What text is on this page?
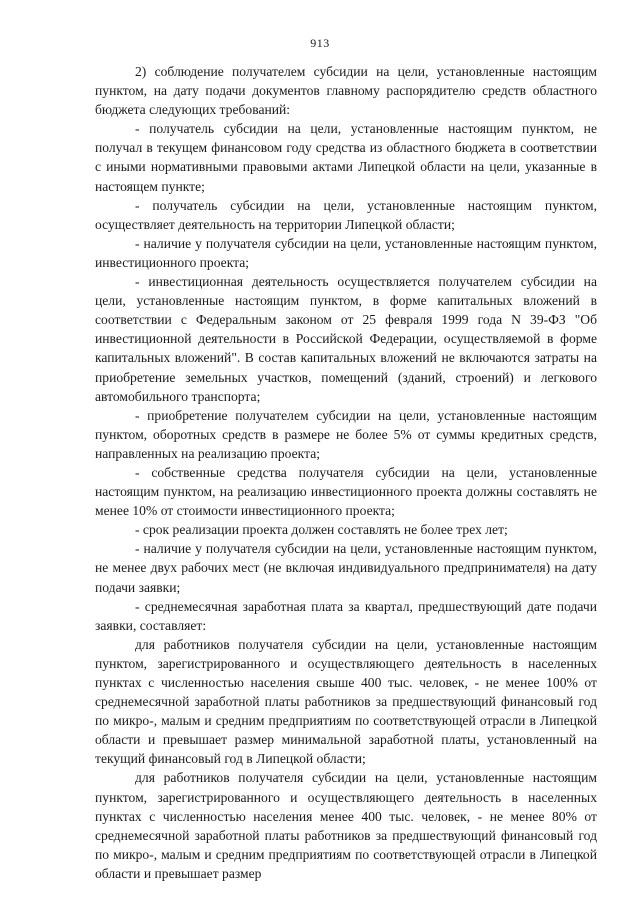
913

2) соблюдение получателем субсидии на цели, установленные настоящим пунктом, на дату подачи документов главному распорядителю средств областного бюджета следующих требований:

- получатель субсидии на цели, установленные настоящим пунктом, не получал в текущем финансовом году средства из областного бюджета в соответствии с иными нормативными правовыми актами Липецкой области на цели, указанные в настоящем пункте;

- получатель субсидии на цели, установленные настоящим пунктом, осуществляет деятельность на территории Липецкой области;

- наличие у получателя субсидии на цели, установленные настоящим пунктом, инвестиционного проекта;

- инвестиционная деятельность осуществляется получателем субсидии на цели, установленные настоящим пунктом, в форме капитальных вложений в соответствии с Федеральным законом от 25 февраля 1999 года N 39-ФЗ "Об инвестиционной деятельности в Российской Федерации, осуществляемой в форме капитальных вложений". В состав капитальных вложений не включаются затраты на приобретение земельных участков, помещений (зданий, строений) и легкового автомобильного транспорта;

- приобретение получателем субсидии на цели, установленные настоящим пунктом, оборотных средств в размере не более 5% от суммы кредитных средств, направленных на реализацию проекта;

- собственные средства получателя субсидии на цели, установленные настоящим пунктом, на реализацию инвестиционного проекта должны составлять не менее 10% от стоимости инвестиционного проекта;

- срок реализации проекта должен составлять не более трех лет;

- наличие у получателя субсидии на цели, установленные настоящим пунктом, не менее двух рабочих мест (не включая индивидуального предпринимателя) на дату подачи заявки;

- среднемесячная заработная плата за квартал, предшествующий дате подачи заявки, составляет:

для работников получателя субсидии на цели, установленные настоящим пунктом, зарегистрированного и осуществляющего деятельность в населенных пунктах с численностью населения свыше 400 тыс. человек, - не менее 100% от среднемесячной заработной платы работников за предшествующий финансовый год по микро-, малым и средним предприятиям по соответствующей отрасли в Липецкой области и превышает размер минимальной заработной платы, установленный на текущий финансовый год в Липецкой области;

для работников получателя субсидии на цели, установленные настоящим пунктом, зарегистрированного и осуществляющего деятельность в населенных пунктах с численностью населения менее 400 тыс. человек, - не менее 80% от среднемесячной заработной платы работников за предшествующий финансовый год по микро-, малым и средним предприятиям по соответствующей отрасли в Липецкой области и превышает размер
